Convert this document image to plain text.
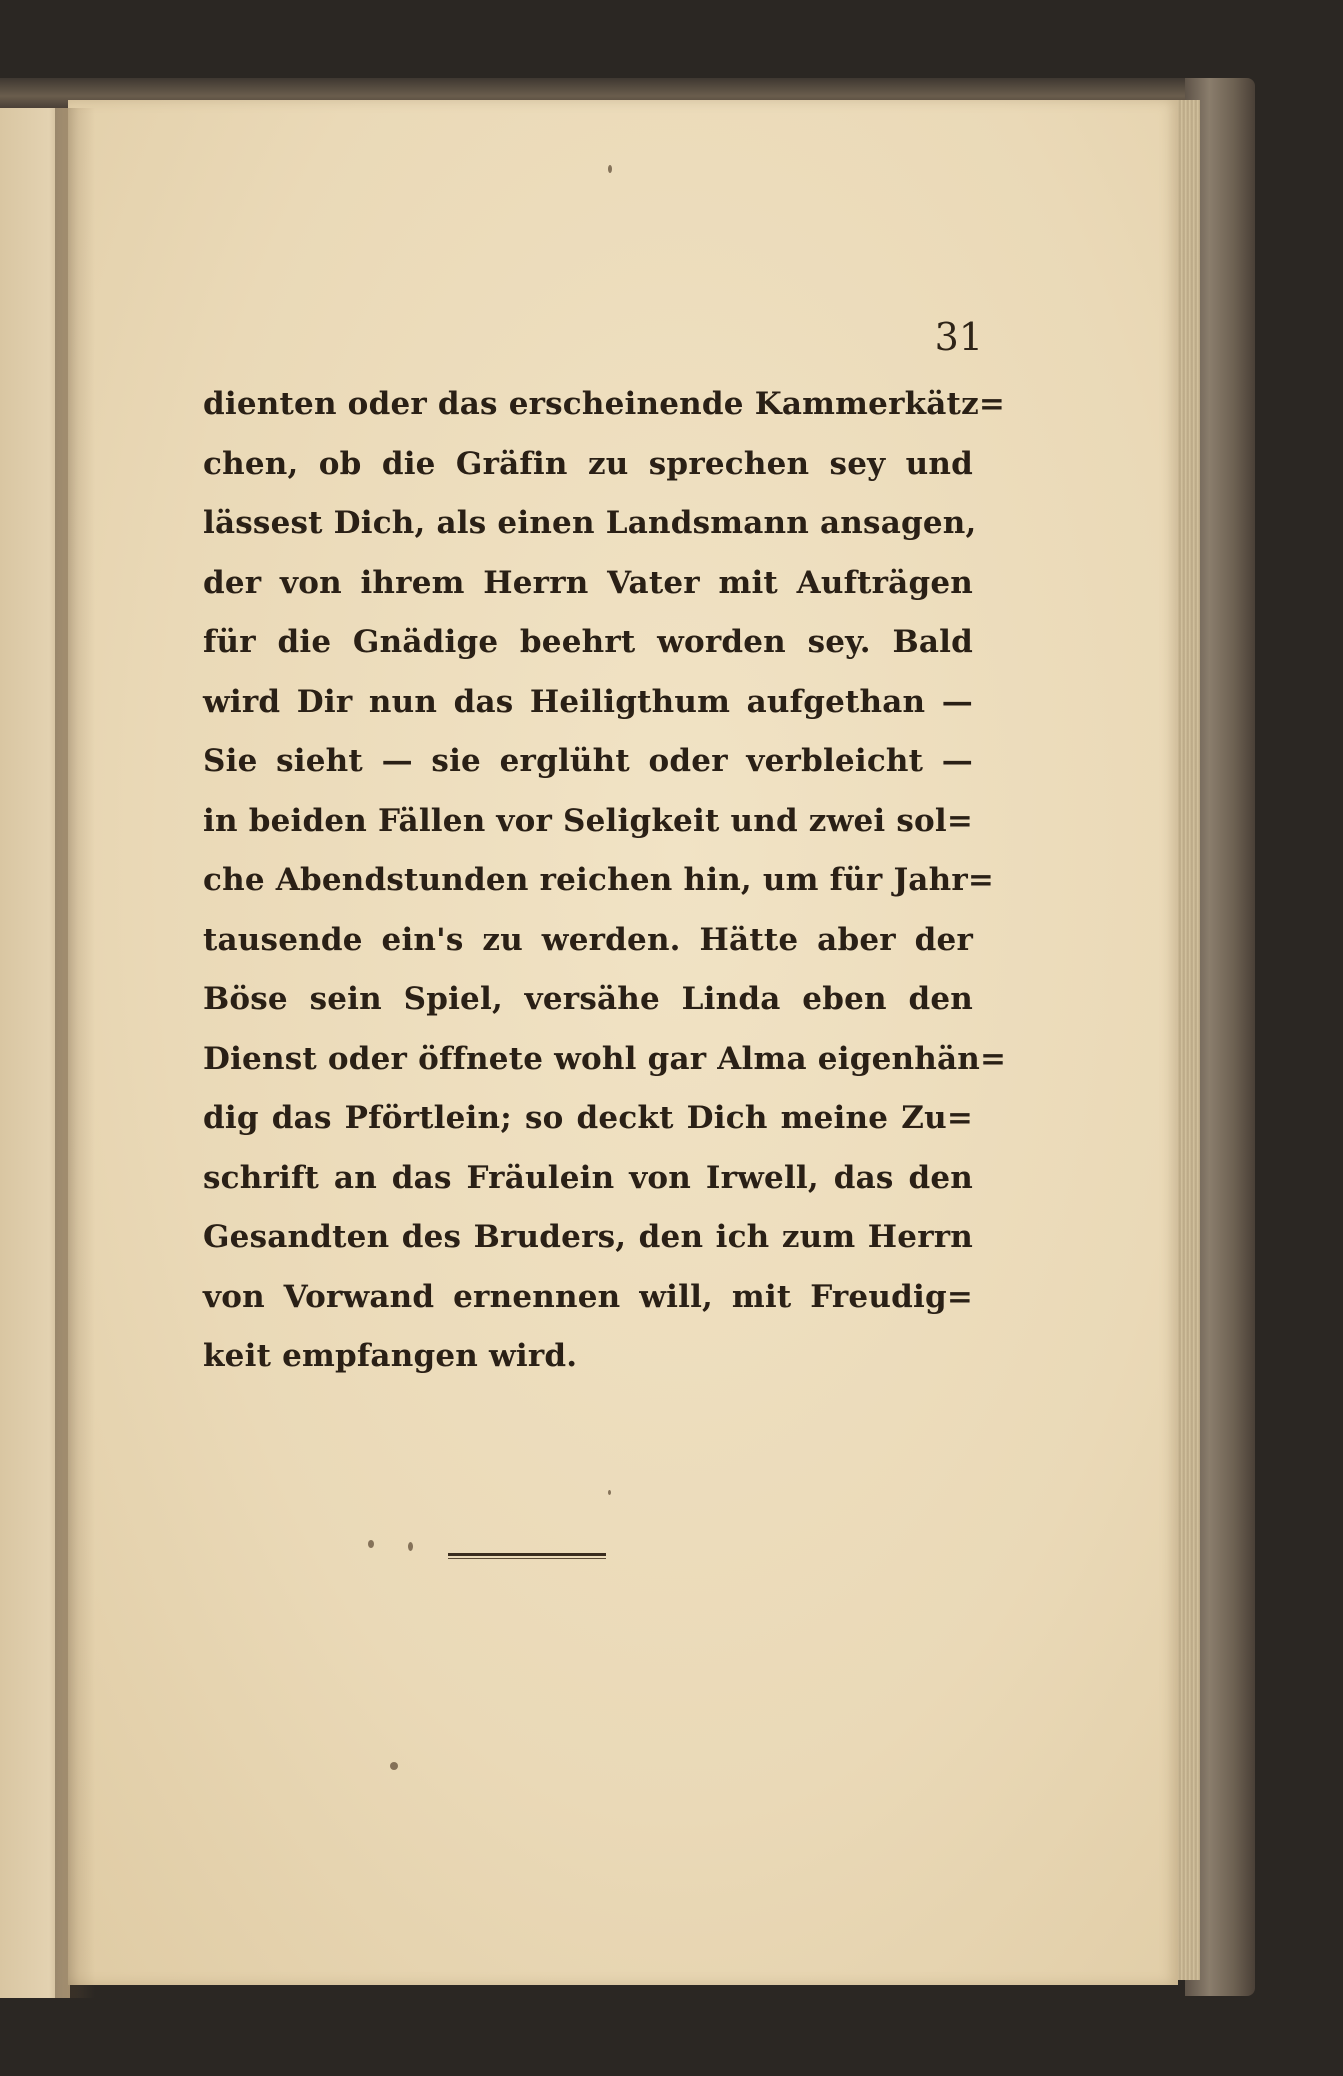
31
dienten oder das erscheinende Kammerkätz=
chen, ob die Gräfin zu sprechen sey und
lässest Dich, als einen Landsmann ansagen,
der von ihrem Herrn Vater mit Aufträgen
für die Gnädige beehrt worden sey. Bald
wird Dir nun das Heiligthum aufgethan —
Sie sieht — sie erglüht oder verbleicht —
in beiden Fällen vor Seligkeit und zwei sol=
che Abendstunden reichen hin, um für Jahr=
tausende ein's zu werden. Hätte aber der
Böse sein Spiel, versähe Linda eben den
Dienst oder öffnete wohl gar Alma eigenhän=
dig das Pförtlein; so deckt Dich meine Zu=
schrift an das Fräulein von Irwell, das den
Gesandten des Bruders, den ich zum Herrn
von Vorwand ernennen will, mit Freudig=
keit empfangen wird.
